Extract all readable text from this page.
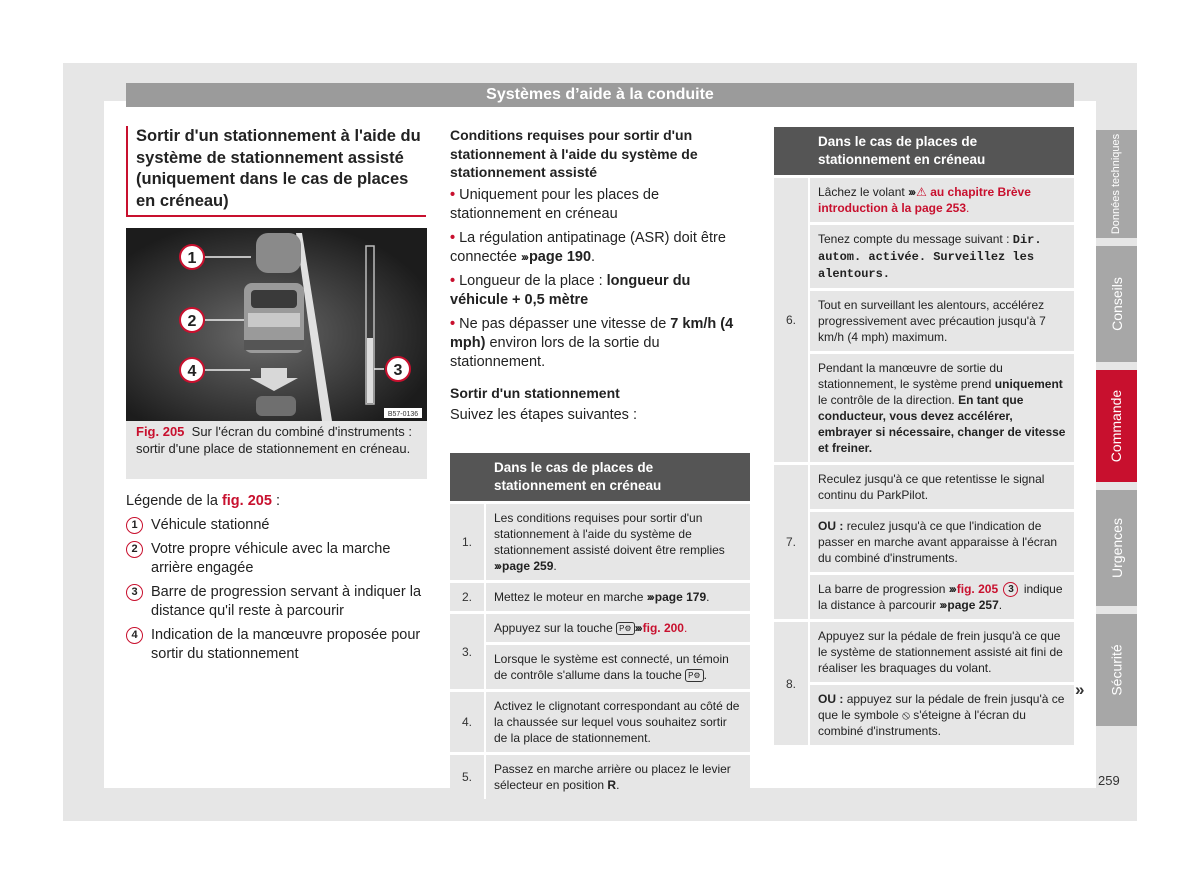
Systèmes d’aide à la conduite
Données techniques
Conseils
Commande
Urgences
Sécurité
Sortir d'un stationnement à l'aide du système de stationnement assisté (uniquement dans le cas de places en créneau)
1
2
4	3
B57-0136
Fig. 205 Sur l'écran du combiné d'instruments : sortir d'une place de stationnement en créneau.
Légende de la fig. 205 :
1 Véhicule stationné
2 Votre propre véhicule avec la marche arrière engagée
3 Barre de progression servant à indiquer la distance qu'il reste à parcourir
4 Indication de la manœuvre proposée pour sortir du stationnement
Conditions requises pour sortir d'un stationnement à l'aide du système de stationnement assisté

• Uniquement pour les places de stationnement en créneau

• La régulation antipatinage (ASR) doit être connectée ››› page 190.

• Longueur de la place : longueur du véhicule + 0,5 mètre

• Ne pas dépasser une vitesse de 7 km/h (4 mph) environ lors de la sortie du stationnement.

Sortir d'un stationnement

Suivez les étapes suivantes :

	Dans le cas de places de stationnement en créneau
1.	Les conditions requises pour sortir d'un stationnement à l'aide du système de stationnement assisté doivent être remplies ››› page 259.
2.	Mettez le moteur en marche ››› page 179.
3.	Appuyez sur la touche P⚙ ››› fig. 200.
	Lorsque le système est connecté, un témoin de contrôle s'allume dans la touche P⚙ .
4.	Activez le clignotant correspondant au côté de la chaussée sur lequel vous souhaitez sortir de la place de stationnement.
5.	Passez en marche arrière ou placez le levier sélecteur en position R.
	Dans le cas de places de stationnement en créneau
6.	Lâchez le volant ››› ⚠ au chapitre Brève introduction à la page 253.
	Tenez compte du message suivant : Dir. autom. activée. Surveillez les alentours.
	Tout en surveillant les alentours, accélérez progressivement avec précaution jusqu'à 7 km/h (4 mph) maximum.
	Pendant la manœuvre de sortie du stationnement, le système prend uniquement le contrôle de la direction. En tant que conducteur, vous devez accélérer, embrayer si nécessaire, changer de vitesse et freiner.
7.	Reculez jusqu'à ce que retentisse le signal continu du ParkPilot.
	OU : reculez jusqu'à ce que l'indication de passer en marche avant apparaisse à l'écran du combiné d'instruments.
	La barre de progression ››› fig. 205 3 indique la distance à parcourir ››› page 257.
8.	Appuyez sur la pédale de frein jusqu'à ce que le système de stationnement assisté ait fini de réaliser les braquages du volant.
	OU : appuyez sur la pédale de frein jusqu'à ce que le symbole ⦸ s'éteigne à l'écran du combiné d'instruments.
»
259
